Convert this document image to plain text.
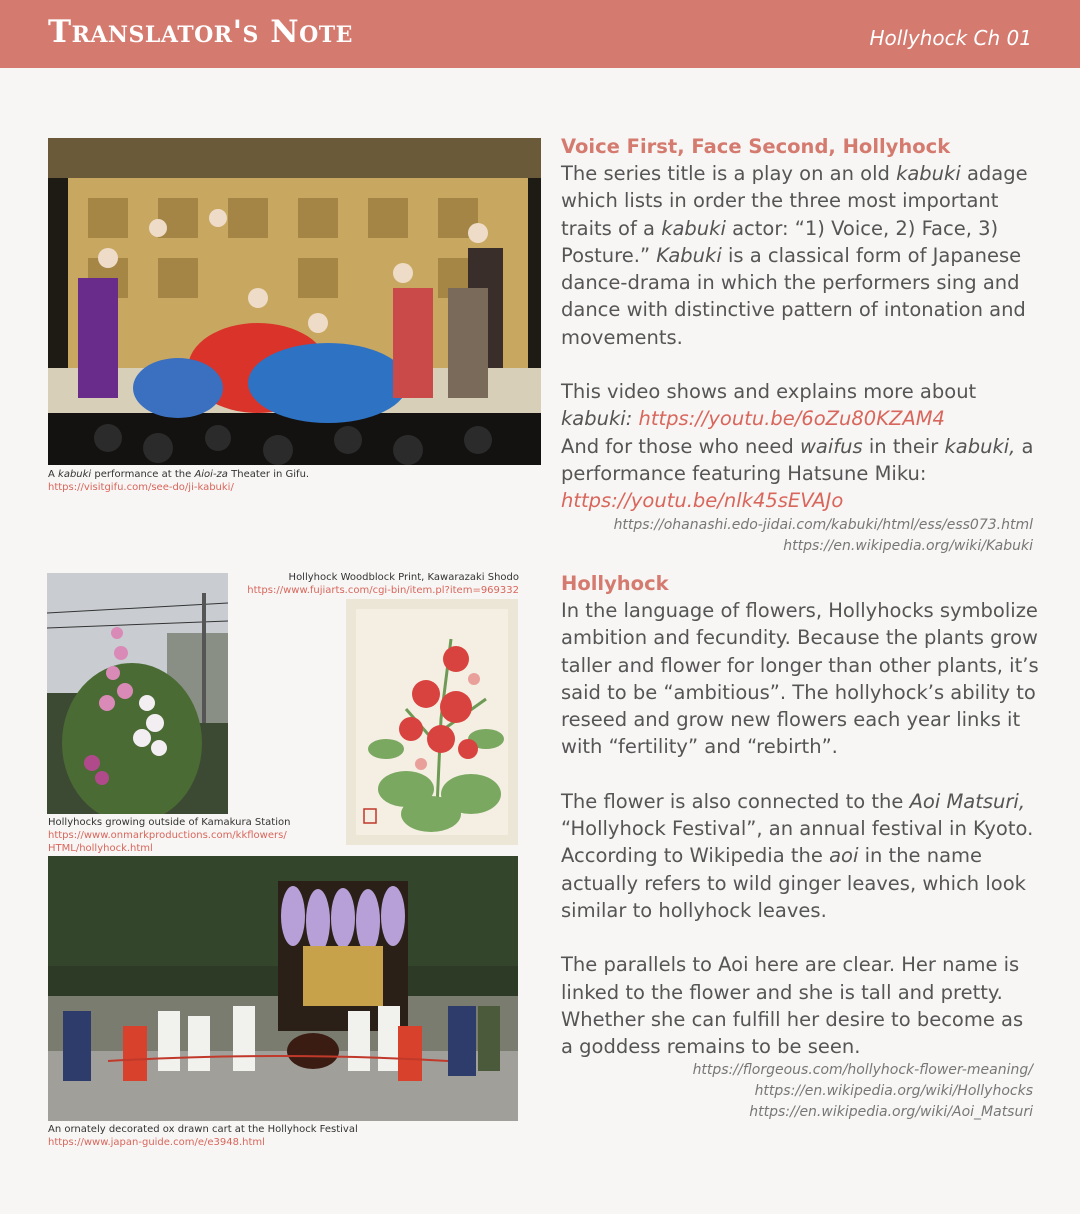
Translator's Note	Hollyhock Ch 01
A kabuki performance at the Aioi-za Theater in Gifu.
https://visitgifu.com/see-do/ji-kabuki/
Hollyhocks growing outside of Kamakura Station
https://www.onmarkproductions.com/kkflowers/
HTML/hollyhock.html
Hollyhock Woodblock Print, Kawarazaki Shodo
https://www.fujiarts.com/cgi-bin/item.pl?item=969332
An ornately decorated ox drawn cart at the Hollyhock Festival
https://www.japan-guide.com/e/e3948.html
Voice First, Face Second, Hollyhock

The series title is a play on an old kabuki adage which lists in order the three most important traits of a kabuki actor: “1) Voice, 2) Face, 3) Posture.” Kabuki is a classical form of Japanese dance-drama in which the performers sing and dance with distinctive pattern of intonation and movements.

This video shows and explains more about kabuki: https://youtu.be/6oZu80KZAM4
And for those who need waifus in their kabuki, a performance featuring Hatsune Miku:
https://youtu.be/nlk45sEVAJo

https://ohanashi.edo-jidai.com/kabuki/html/ess/ess073.html
https://en.wikipedia.org/wiki/Kabuki
Hollyhock

In the language of flowers, Hollyhocks symbolize ambition and fecundity. Because the plants grow taller and flower for longer than other plants, it’s said to be “ambitious”. The hollyhock’s ability to reseed and grow new flowers each year links it with “fertility” and “rebirth”.

The flower is also connected to the Aoi Matsuri, “Hollyhock Festival”, an annual festival in Kyoto. According to Wikipedia the aoi in the name actually refers to wild ginger leaves, which look similar to hollyhock leaves.

The parallels to Aoi here are clear. Her name is linked to the flower and she is tall and pretty. Whether she can fulfill her desire to become as a goddess remains to be seen.

https://florgeous.com/hollyhock-flower-meaning/
https://en.wikipedia.org/wiki/Hollyhocks
https://en.wikipedia.org/wiki/Aoi_Matsuri
